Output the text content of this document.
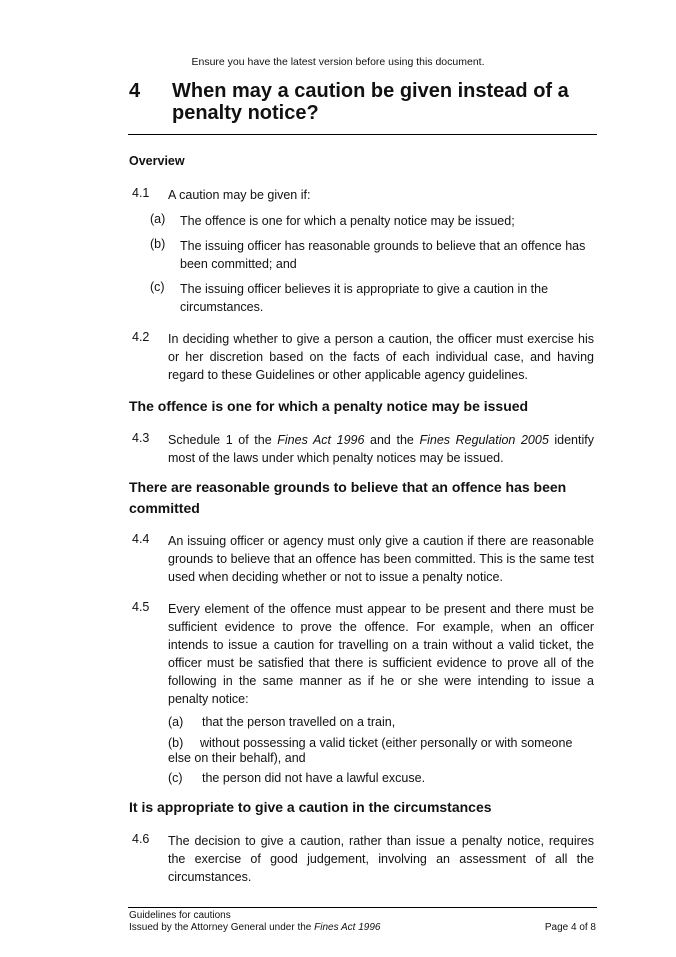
Ensure you have the latest version before using this document.
4 When may a caution be given instead of a penalty notice?
Overview
4.1 A caution may be given if:
(a) The offence is one for which a penalty notice may be issued;
(b) The issuing officer has reasonable grounds to believe that an offence has been committed; and
(c) The issuing officer believes it is appropriate to give a caution in the circumstances.
4.2 In deciding whether to give a person a caution, the officer must exercise his or her discretion based on the facts of each individual case, and having regard to these Guidelines or other applicable agency guidelines.
The offence is one for which a penalty notice may be issued
4.3 Schedule 1 of the Fines Act 1996 and the Fines Regulation 2005 identify most of the laws under which penalty notices may be issued.
There are reasonable grounds to believe that an offence has been committed
4.4 An issuing officer or agency must only give a caution if there are reasonable grounds to believe that an offence has been committed. This is the same test used when deciding whether or not to issue a penalty notice.
4.5 Every element of the offence must appear to be present and there must be sufficient evidence to prove the offence. For example, when an officer intends to issue a caution for travelling on a train without a valid ticket, the officer must be satisfied that there is sufficient evidence to prove all of the following in the same manner as if he or she were intending to issue a penalty notice:
(a) that the person travelled on a train,
(b) without possessing a valid ticket (either personally or with someone else on their behalf), and
(c) the person did not have a lawful excuse.
It is appropriate to give a caution in the circumstances
4.6 The decision to give a caution, rather than issue a penalty notice, requires the exercise of good judgement, involving an assessment of all the circumstances.
Guidelines for cautions
Issued by the Attorney General under the Fines Act 1996	Page 4 of 8
